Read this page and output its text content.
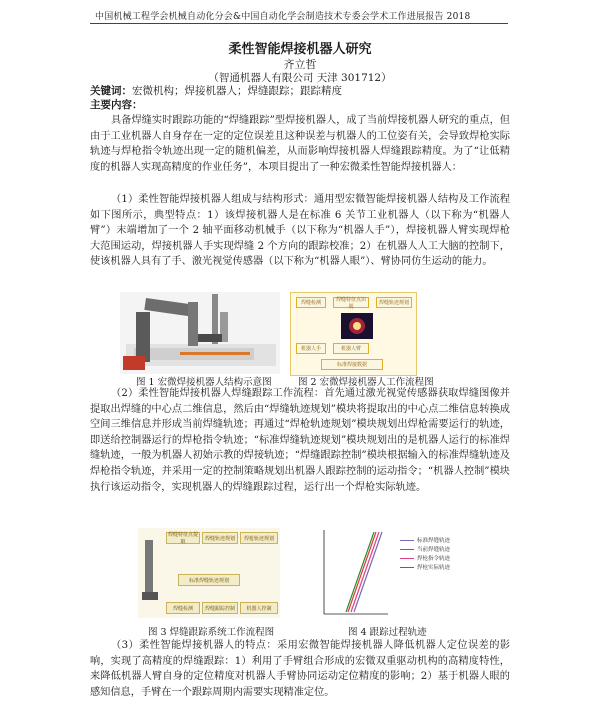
中国机械工程学会机械自动化分会&中国自动化学会制造技术专委会学术工作进展报告 2018
柔性智能焊接机器人研究
齐立哲
（智通机器人有限公司 天津 301712）
关键词：宏微机构；焊接机器人；焊缝跟踪；跟踪精度
主要内容：

具备焊缝实时跟踪功能的“焊缝跟踪”型焊接机器人，成了当前焊接机器人研究的重点，但由于工业机器人自身存在一定的定位误差且这种误差与机器人的工位姿有关，会导致焊枪实际轨迹与焊枪指令轨迹出现一定的随机偏差，从而影响焊接机器人焊缝跟踪精度。为了“让低精度的机器人实现高精度的作业任务”，本项目提出了一种宏微柔性智能焊接机器人：

（1）柔性智能焊接机器人组成与结构形式：通用型宏微智能焊接机器人结构及工作流程如下图所示，典型特点：1）该焊接机器人是在标准 6 关节工业机器人（以下称为“机器人臂”）末端增加了一个 2 轴平面移动机械手（以下称为“机器人手”），焊接机器人臂实现焊枪大范围运动，焊接机器人手实现焊缝 2 个方向的跟踪校准；2）在机器人人工大脑的控制下，使该机器人具有了手、激光视觉传感器（以下称为“机器人眼”）、臂协同仿生运动的能力。

焊缝检测
焊缝特征点识别
焊缝轨迹规划
机器人手	机器人臂
标准焊接数据
图 1 宏微焊接机器人结构示意图	图 2 宏微焊接机器人工作流程图

（2）柔性智能焊接机器人焊缝跟踪工作流程：首先通过激光视觉传感器获取焊缝图像并提取出焊缝的中心点二维信息，然后由“焊缝轨迹规划”模块将提取出的中心点二维信息转换成空间三维信息并形成当前焊缝轨迹；再通过“焊枪轨迹规划”模块规划出焊枪需要运行的轨迹，即送给控制器运行的焊枪指令轨迹；“标准焊缝轨迹规划”模块规划出的是机器人运行的标准焊缝轨迹，一般为机器人初始示教的焊接轨迹；“焊缝跟踪控制”模块根据输入的标准焊缝轨迹及焊枪指令轨迹，并采用一定的控制策略规划出机器人跟踪控制的运动指令；“机器人控制”模块执行该运动指令，实现机器人的焊缝跟踪过程，运行出一个焊枪实际轨迹。

焊缝特征点提取
焊缝轨迹规划	焊枪轨迹规划
标准焊缝轨迹规划
焊缝跟踪控制	机器人控制
焊缝检测
标准焊缝轨迹
当前焊缝轨迹
焊枪指令轨迹
焊枪实际轨迹
图 3 焊缝跟踪系统工作流程图	图 4 跟踪过程轨迹

（3）柔性智能焊接机器人的特点：采用宏微智能焊接机器人降低机器人定位误差的影响，实现了高精度的焊缝跟踪：1）利用了手臂组合形成的宏微双重驱动机构的高精度特性，来降低机器人臂自身的定位精度对机器人手臂协同运动定位精度的影响；2）基于机器人眼的感知信息，手臂在一个跟踪周期内需要实现精准定位。
